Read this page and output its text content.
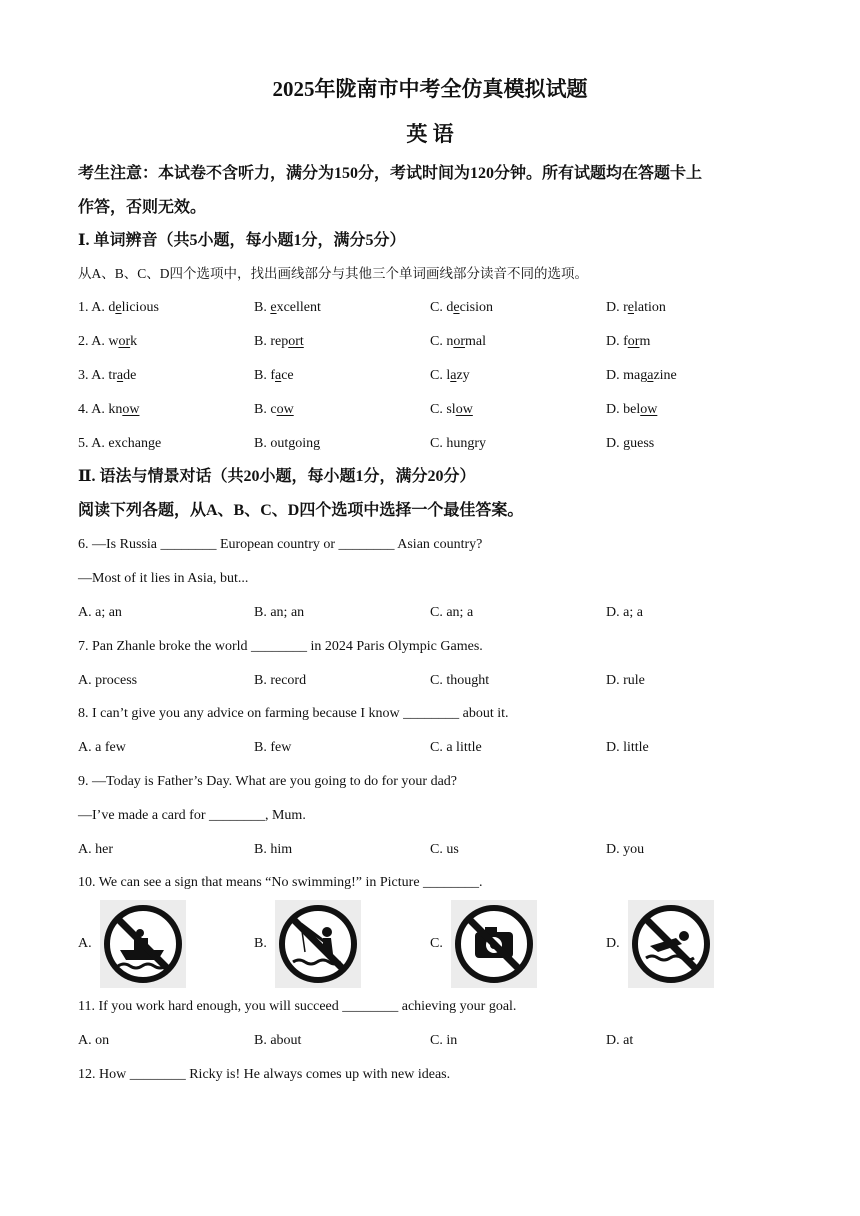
2025年陇南市中考全仿真模拟试题
英 语
考生注意：本试卷不含听力，满分为150分，考试时间为120分钟。所有试题均在答题卡上
作答，否则无效。
Ⅰ. 单词辨音（共5小题，每小题1分，满分5分）
从A、B、C、D四个选项中，找出画线部分与其他三个单词画线部分读音不同的选项。
1. A. delicious	B. excellent	C. decision	D. relation
2. A. work	B. report	C. normal	D. form
3. A. trade	B. face	C. lazy	D. magazine
4. A. know	B. cow	C. slow	D. below
5. A. exchange	B. outgoing	C. hungry	D. guess
Ⅱ. 语法与情景对话（共20小题，每小题1分，满分20分）
阅读下列各题，从A、B、C、D四个选项中选择一个最佳答案。
6. —Is Russia ________ European country or ________ Asian country?
—Most of it lies in Asia, but...
A. a; an	B. an; an	C. an; a	D. a; a
7. Pan Zhanle broke the world ________ in 2024 Paris Olympic Games.
A. process	B. record	C. thought	D. rule
8. I can’t give you any advice on farming because I know ________ about it.
A. a few	B. few	C. a little	D. little
9. —Today is Father’s Day. What are you going to do for your dad?
—I’ve made a card for ________, Mum.
A. her	B. him	C. us	D. you
10. We can see a sign that means “No swimming!” in Picture ________.
A.	B.	C.	D.
11. If you work hard enough, you will succeed ________ achieving your goal.
A. on	B. about	C. in	D. at
12. How ________ Ricky is! He always comes up with new ideas.
